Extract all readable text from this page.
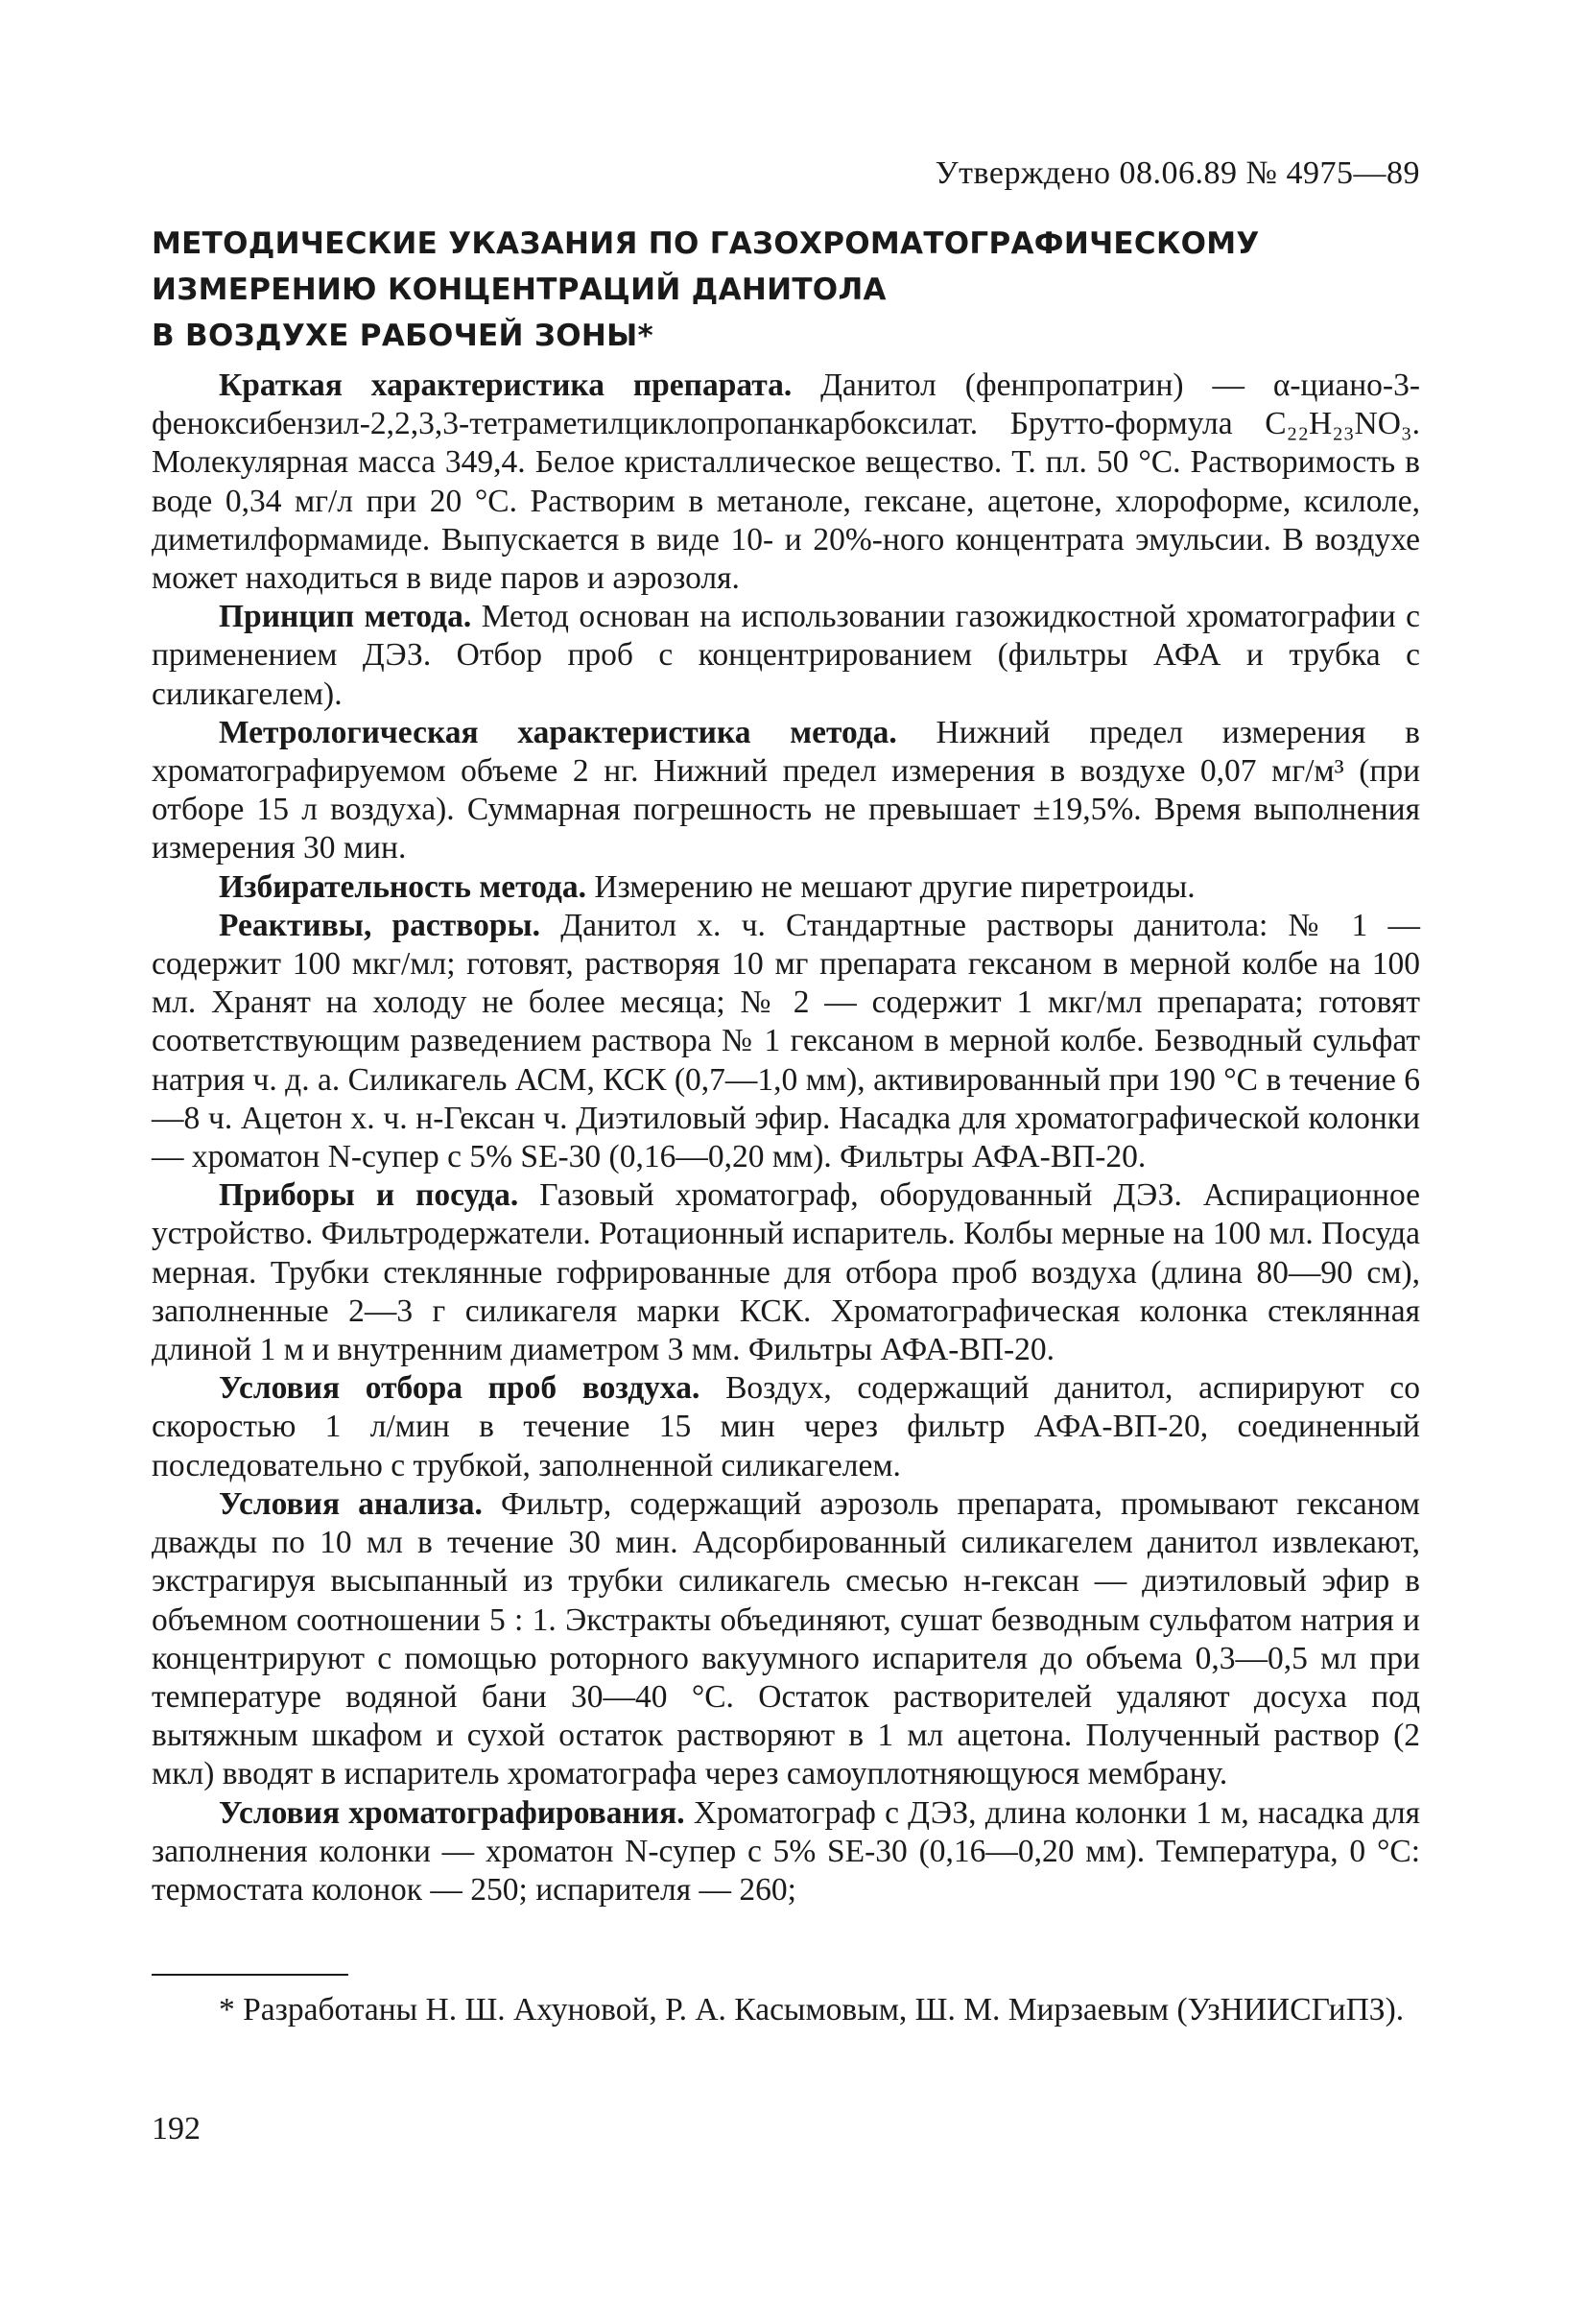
Утверждено 08.06.89 № 4975—89
МЕТОДИЧЕСКИЕ УКАЗАНИЯ ПО ГАЗОХРОМАТОГРАФИЧЕСКОМУ
ИЗМЕРЕНИЮ КОНЦЕНТРАЦИЙ ДАНИТОЛА
В ВОЗДУХЕ РАБОЧЕЙ ЗОНЫ*

Краткая характеристика препарата. Данитол (фенпропатрин) — α-циано-3-феноксибензил-2,2,3,3-тетраметилциклопропанкарбоксилат. Брутто-формула C₂₂H₂₃NO₃. Молекулярная масса 349,4. Белое кристаллическое вещество. Т. пл. 50 °С. Растворимость в воде 0,34 мг/л при 20 °С. Растворим в метаноле, гексане, ацетоне, хлороформе, ксилоле, диметилформамиде. Выпускается в виде 10- и 20%-ного концентрата эмульсии. В воздухе может находиться в виде паров и аэрозоля.

Принцип метода. Метод основан на использовании газожидкостной хроматографии с применением ДЭЗ. Отбор проб с концентрированием (фильтры АФА и трубка с силикагелем).

Метрологическая характеристика метода. Нижний предел измерения в хроматографируемом объеме 2 нг. Нижний предел измерения в воздухе 0,07 мг/м³ (при отборе 15 л воздуха). Суммарная погрешность не превышает ±19,5%. Время выполнения измерения 30 мин.

Избирательность метода. Измерению не мешают другие пиретроиды.

Реактивы, растворы. Данитол х. ч. Стандартные растворы данитола: № 1 — содержит 100 мкг/мл; готовят, растворяя 10 мг препарата гексаном в мерной колбе на 100 мл. Хранят на холоду не более месяца; № 2 — содержит 1 мкг/мл препарата; готовят соответствующим разведением раствора № 1 гексаном в мерной колбе. Безводный сульфат натрия ч. д. а. Силикагель АСМ, КСК (0,7—1,0 мм), активированный при 190 °С в течение 6—8 ч. Ацетон х. ч. н-Гексан ч. Диэтиловый эфир. Насадка для хроматографической колонки — хроматон N-супер с 5% SE-30 (0,16—0,20 мм). Фильтры АФА-ВП-20.

Приборы и посуда. Газовый хроматограф, оборудованный ДЭЗ. Аспирационное устройство. Фильтродержатели. Ротационный испаритель. Колбы мерные на 100 мл. Посуда мерная. Трубки стеклянные гофрированные для отбора проб воздуха (длина 80—90 см), заполненные 2—3 г силикагеля марки КСК. Хроматографическая колонка стеклянная длиной 1 м и внутренним диаметром 3 мм. Фильтры АФА-ВП-20.

Условия отбора проб воздуха. Воздух, содержащий данитол, аспирируют со скоростью 1 л/мин в течение 15 мин через фильтр АФА-ВП-20, соединенный последовательно с трубкой, заполненной силикагелем.

Условия анализа. Фильтр, содержащий аэрозоль препарата, промывают гексаном дважды по 10 мл в течение 30 мин. Адсорбированный силикагелем данитол извлекают, экстрагируя высыпанный из трубки силикагель смесью н-гексан — диэтиловый эфир в объемном соотношении 5 : 1. Экстракты объединяют, сушат безводным сульфатом натрия и концентрируют с помощью роторного вакуумного испарителя до объема 0,3—0,5 мл при температуре водяной бани 30—40 °С. Остаток растворителей удаляют досуха под вытяжным шкафом и сухой остаток растворяют в 1 мл ацетона. Полученный раствор (2 мкл) вводят в испаритель хроматографа через самоуплотняющуюся мембрану.

Условия хроматографирования. Хроматограф с ДЭЗ, длина колонки 1 м, насадка для заполнения колонки — хроматон N-супер с 5% SE-30 (0,16—0,20 мм). Температура, 0 °С: термостата колонок — 250; испарителя — 260;

* Разработаны Н. Ш. Ахуновой, Р. А. Касымовым, Ш. М. Мирзаевым (УзНИИСГиПЗ).
192
